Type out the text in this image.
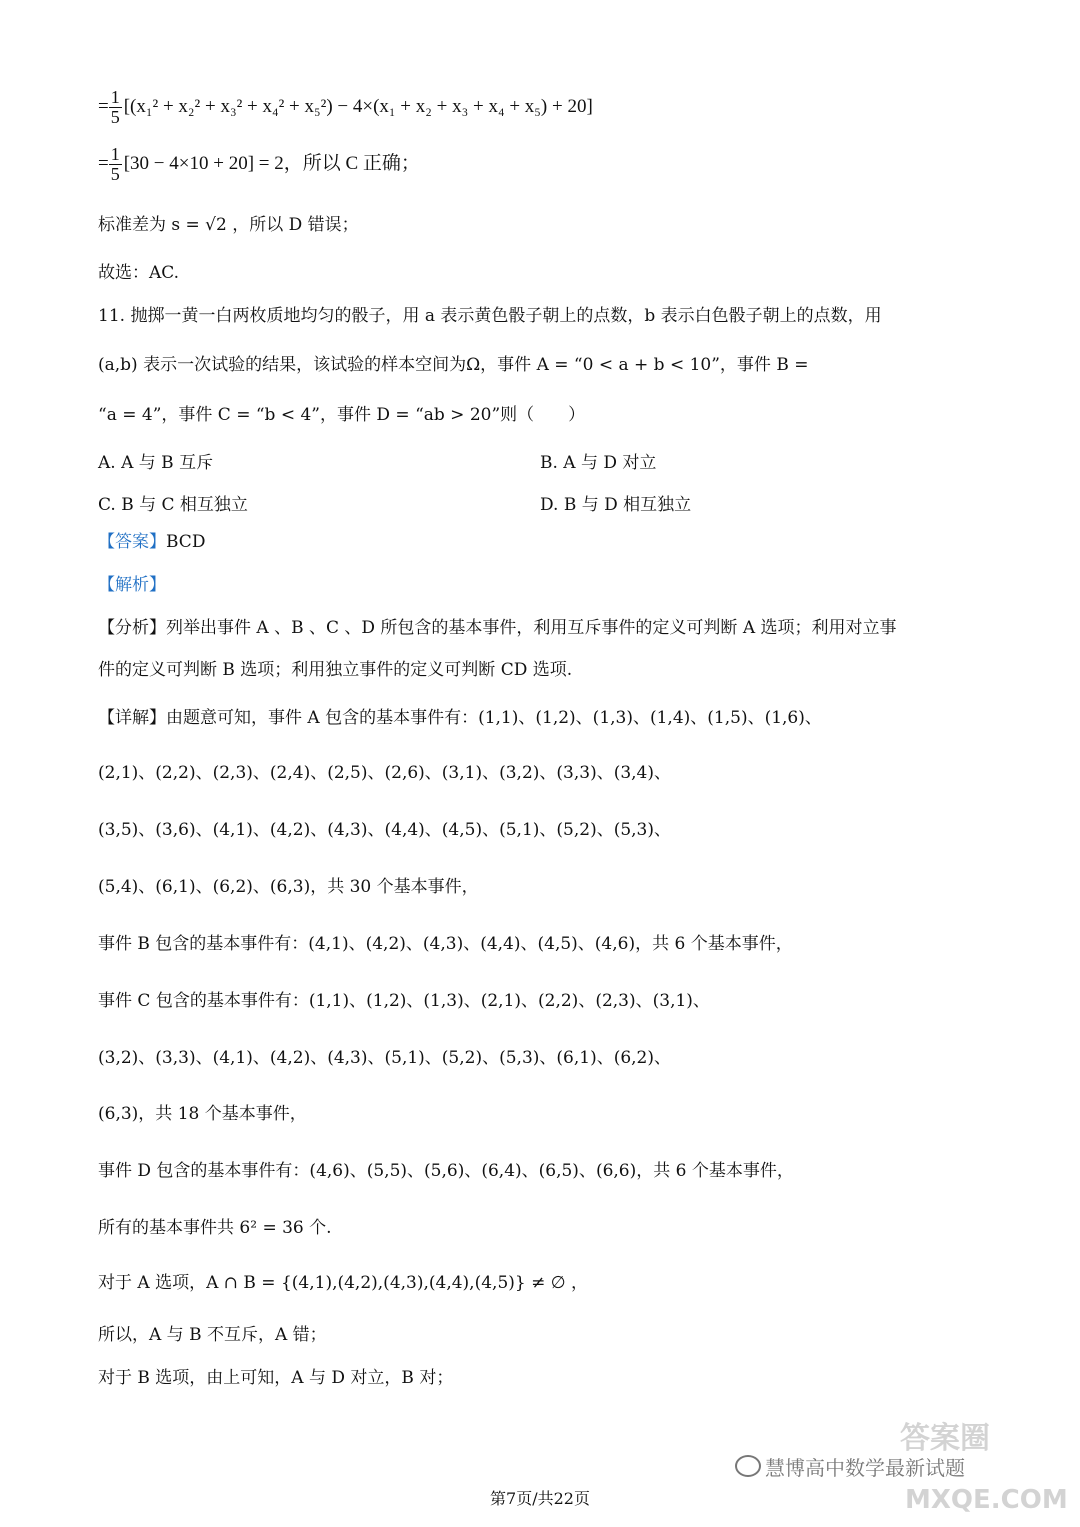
= $\frac{1}{5} [(x_1^2 + x_2^2 + x_3^2 + x_4^2 + x_5^2) - 4\times(x_1 + x_2 + x_3 + x_4 + x_5) + 20]$
= $\frac{1}{5} [30 - 4\times 10 + 20] = 2$，所以 C 正确；
标准差为 s = √2 ，所以 D 错误；
故选：AC.
11. 抛掷一黄一白两枚质地均匀的骰子，用 a 表示黄色骰子朝上的点数，b 表示白色骰子朝上的点数，用
(a,b) 表示一次试验的结果，该试验的样本空间为Ω，事件 A = “0 < a + b < 10”，事件 B =
“a = 4”，事件 C = “b < 4”，事件 D = “ab > 20”则（　　）
A. A 与 B 互斥	B. A 与 D 对立
C. B 与 C 相互独立	D. B 与 D 相互独立
【答案】BCD
【解析】
【分析】列举出事件 A 、B 、C 、D 所包含的基本事件，利用互斥事件的定义可判断 A 选项；利用对立事
件的定义可判断 B 选项；利用独立事件的定义可判断 CD 选项.
【详解】由题意可知，事件 A 包含的基本事件有：(1,1)、(1,2)、(1,3)、(1,4)、(1,5)、(1,6)、
(2,1)、(2,2)、(2,3)、(2,4)、(2,5)、(2,6)、(3,1)、(3,2)、(3,3)、(3,4)、
(3,5)、(3,6)、(4,1)、(4,2)、(4,3)、(4,4)、(4,5)、(5,1)、(5,2)、(5,3)、
(5,4)、(6,1)、(6,2)、(6,3)，共 30 个基本事件，
事件 B 包含的基本事件有：(4,1)、(4,2)、(4,3)、(4,4)、(4,5)、(4,6)，共 6 个基本事件，
事件 C 包含的基本事件有：(1,1)、(1,2)、(1,3)、(2,1)、(2,2)、(2,3)、(3,1)、
(3,2)、(3,3)、(4,1)、(4,2)、(4,3)、(5,1)、(5,2)、(5,3)、(6,1)、(6,2)、
(6,3)，共 18 个基本事件，
事件 D 包含的基本事件有：(4,6)、(5,5)、(5,6)、(6,4)、(6,5)、(6,6)，共 6 个基本事件，
所有的基本事件共 6² = 36 个.
对于 A 选项，A ∩ B = {(4,1),(4,2),(4,3),(4,4),(4,5)} ≠ ∅ ，
所以，A 与 B 不互斥，A 错；
对于 B 选项，由上可知，A 与 D 对立，B 对；
答案圈
慧博高中数学最新试题
MXQE.COM
第7页/共22页
